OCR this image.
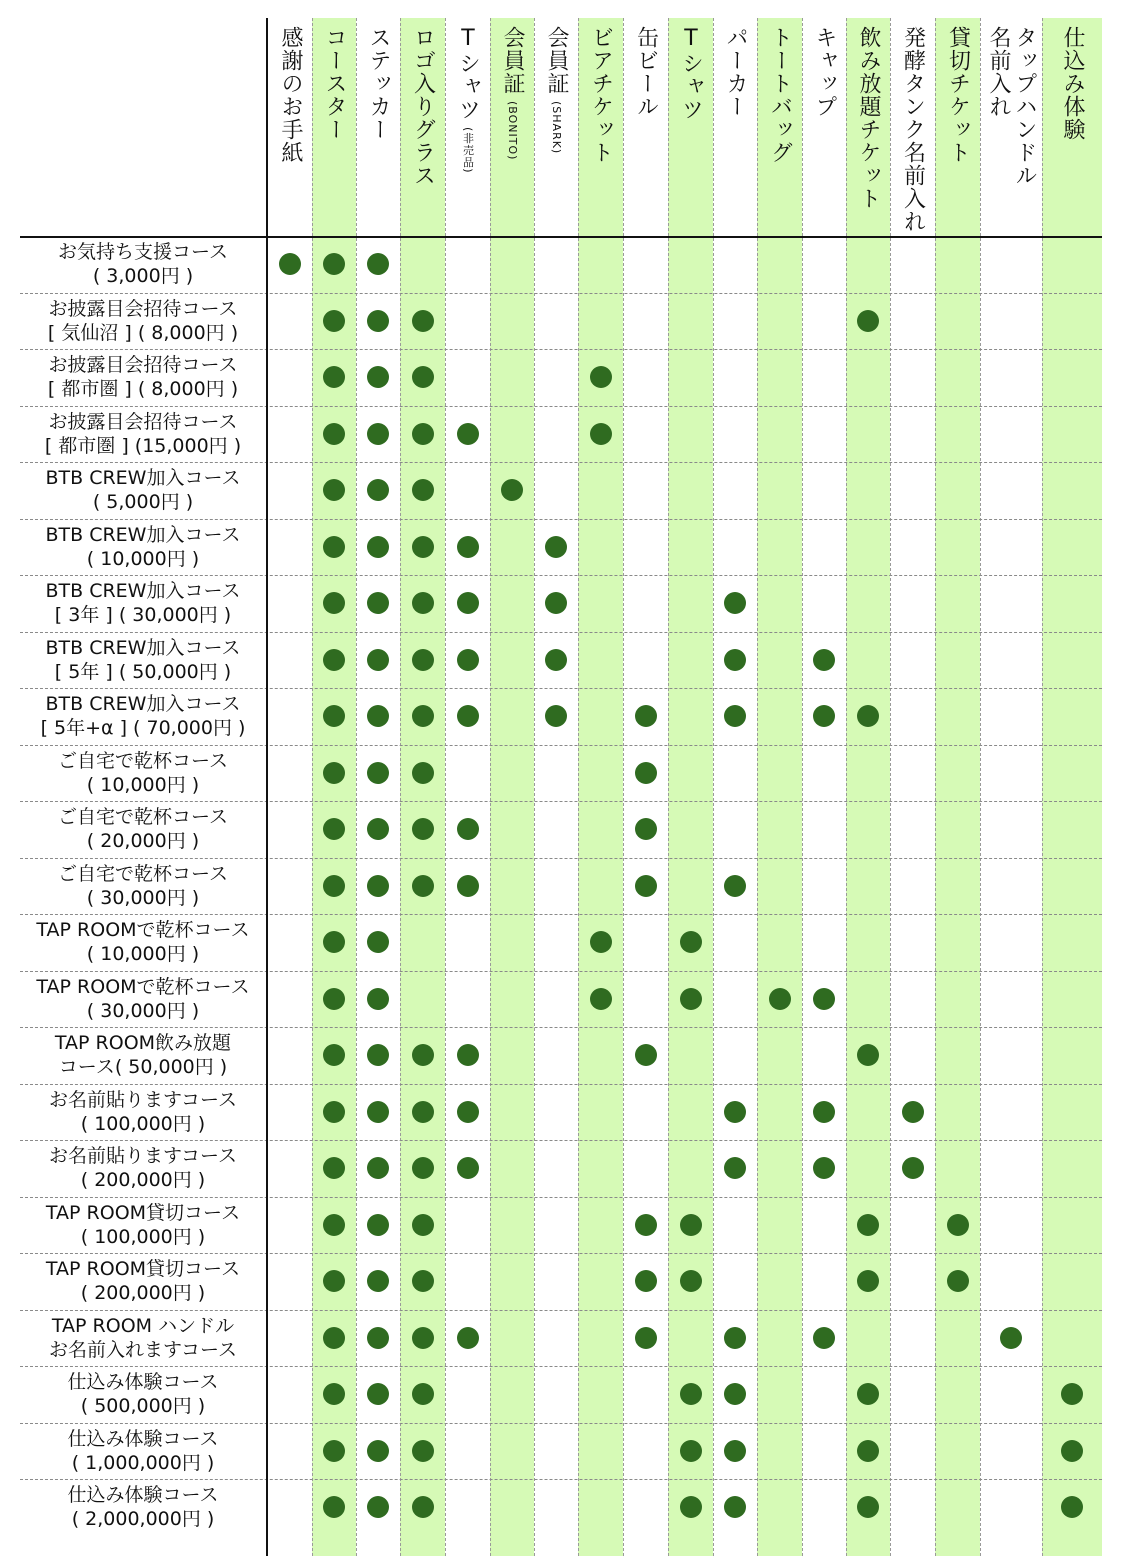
感謝のお手紙 コースター ステッカー ロゴ入りグラス Tシャツ
(非売品)
会員証
(BONITO)
会員証
(SHARK) ビアチケット 缶ビール Tシャツ パーカー トートバッグ キャップ 飲み放題チケット 発酵タンク名前入れ 貸切チケット タップハンドル
名前入れ 仕込み体験
お気持ち支援コース
( 3,000円 )
お披露目会招待コース
[ 気仙沼 ] ( 8,000円 )
お披露目会招待コース
[ 都市圏 ] ( 8,000円 )
お披露目会招待コース
[ 都市圏 ] (15,000円 )
BTB CREW加入コース
( 5,000円 )
BTB CREW加入コース
( 10,000円 )
BTB CREW加入コース
[ 3年 ] ( 30,000円 )
BTB CREW加入コース
[ 5年 ] ( 50,000円 )
BTB CREW加入コース
[ 5年+α ] ( 70,000円 )
ご自宅で乾杯コース
( 10,000円 )
ご自宅で乾杯コース
( 20,000円 )
ご自宅で乾杯コース
( 30,000円 )
TAP ROOMで乾杯コース
( 10,000円 )
TAP ROOMで乾杯コース
( 30,000円 )
TAP ROOM飲み放題
コース( 50,000円 )
お名前貼りますコース
( 100,000円 )
お名前貼りますコース
( 200,000円 )
TAP ROOM貸切コース
( 100,000円 )
TAP ROOM貸切コース
( 200,000円 )
TAP ROOM ハンドル
お名前入れますコース
仕込み体験コース
( 500,000円 )
仕込み体験コース
( 1,000,000円 )
仕込み体験コース
( 2,000,000円 )
